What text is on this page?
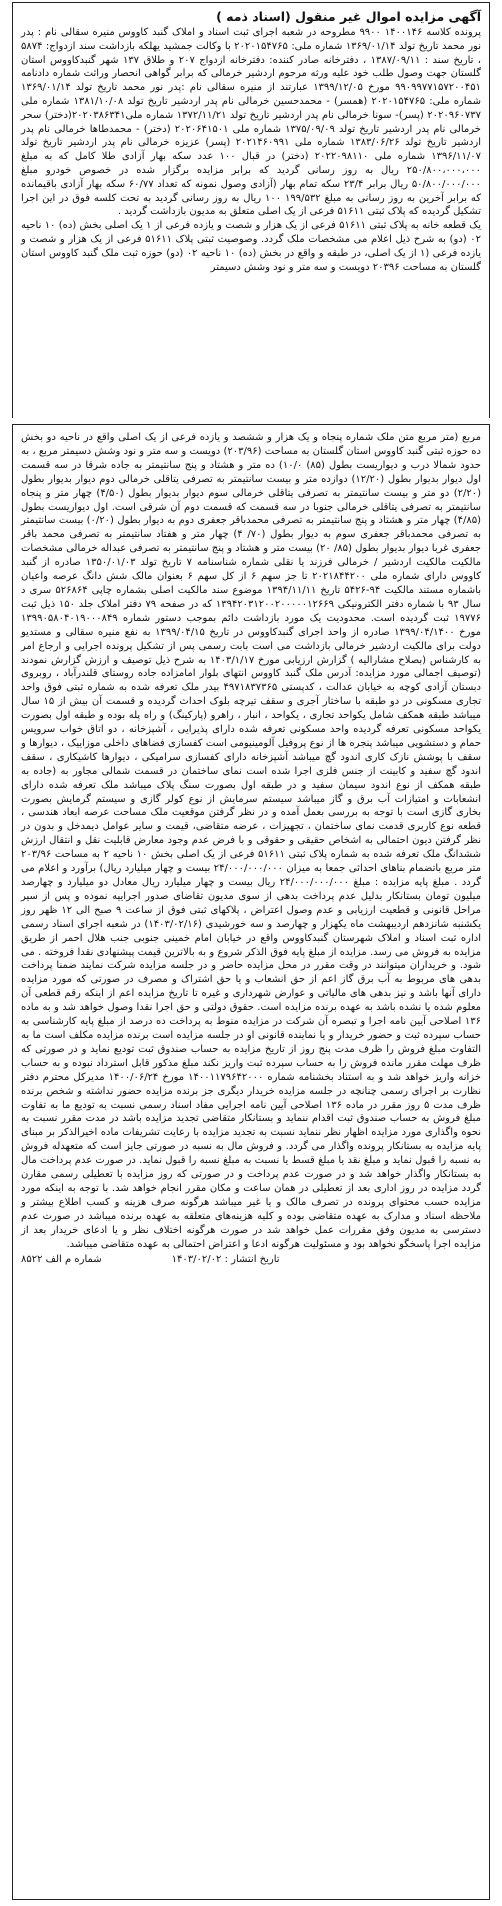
آگهی مزایده اموال غیر منقول (اسناد ذمه )

پرونده کلاسه ۱۴۰۰۱۴۶ ۹۹۰۰ مطروحه در شعبه اجرای ثبت اسناد و املاک گنبد کاووس منیره سقالی نام : پدر نور محمد تاریخ تولد ۱۳۶۹/۰۱/۱۴ شماره ملی: ۲۰۲۰۱۵۴۷۶۵ با وکالت جمشید یهلکه بازداشت سند ازدواج: ۵۸۷۴ ، تاریخ سند : ۱۳۸۷/۰۹/۱۱ ، دفترخانه صادر کننده: دفترخانه ازدواج ۲۰۷ و طلاق ۱۳۷ شهر گنبدکاووس استان گلستان جهت وصول طلب خود علیه ورثه مرحوم اردشیر خرمالی که برابر گواهی انحصار وراثت شماره دادنامه ۹۹۰۹۹۷۷۱۵۷۲۰۰۴۵۱ مورخ ۱۳۹۹/۱۲/۰۵ عبارتند از منیره سقالی نام :پدر نور محمد تاریخ تولد ۱۳۶۹/۰۱/۱۴ شماره ملی: ۲۰۲۰۱۵۴۷۶۵ (همسر) - محمدحسین خرمالی نام پدر اردشیر تاریخ تولد ۱۳۸۱/۱۰/۰۸ شماره ملی ۲۰۲۰۹۶۰۷۳۷ (پسر)- سونا خرمالی نام پدر اردشیر تاریخ تولد ۱۳۷۲/۱۱/۲۱ شماره ملی۲۰۲۰۳۸۶۳۴۱(دختر) سحر خرمالی نام پدر اردشیر تاریخ تولد ۱۳۷۵/۰۹/۰۹ شماره ملی ۲۰۲۰۶۴۱۵۰۱ (دختر) - محمدطاها خرمالی نام پدر اردشیر تاریخ تولد ۱۳۸۳/۰۶/۲۶ شماره ملی ۲۰۲۱۴۶۰۹۹۱ (پسر) عزیزه خرمالی نام پدر اردشیر تاریخ تولد ۱۳۹۶/۱۱/۰۷ شماره ملی ۲۰۲۲۰۹۸۱۱۰ (دختر) در قبال ۱۰۰ عدد سکه بهار آزادی طلا کامل که به مبلغ ۲۵۰/۸۰۰،۰۰۰،۰۰۰ ریال به روز رسانی گردید که برابر مزایده برگزار شده در خصوص خودرو مبلغ ۵۰/۸۰۰/۰۰۰/۰۰۰ ریال برابر ۲۳/۴ سکه تمام بهار (آزادی وصول نمونه که تعداد ۶۰/۷۷ سکه بهار آزادی باقیمانده که برابر آخرین به روز رسانی به مبلغ ۱۹۹/۵۳۲ ۱۰۰ ریال به روز رسانی گردید به تحت کلسه فوق در این اجرا تشکیل گردیده که پلاک ثبتی ۵۱۶۱۱ فرعی از یک اصلی متعلق به مدیون بازداشت گردید .

یک قطعه خانه به پلاک ثبتی ۵۱۶۱۱ فرعی از یک هزار و شصت و یازده فرعی از ۱ یک اصلی بخش (ده) ۱۰ ناحیه ۰۲ (دو) به شرح ذیل اعلام می مشخصات ملک گردد. وصوصیت ثبتی پلاک ۵۱۶۱۱ فرعی از یک هزار و شصت و یازده فرعی (۱ از یک اصلی، در طبقه و واقع در بخش (ده) ۱۰ ناحیه ۰۲ (دو) حوزه ثبت ملک گنبد کاووس استان گلستان به مساحت ۲۰۳۹۶ دویست و سه متر و نود وشش دسیمتر

مربع (متر مربع متن ملک شماره پنجاه و یک هزار و ششصد و یازده فرعی از یک اصلی واقع در ناحیه دو بخش ده حوزه ثبتی گنبد کاووس استان گلستان به مساحت (۲۰۳/۹۶) دویست و سه متر و نود وشش دسیمتر مربع ، به حدود شمالا درب و دیواریست بطول (۸۵) ۱۰/۰) ده متر و هشتاد و پنج سانتیمتر به جاده شرقا در سه قسمت اول دیوار بدیوار بطول (۱۲/۲۰) دوازده متر و بیست سانتیمتر به تصرفی یتاقلی خرمالی دوم دیوار بدیوار بطول (۲/۲۰) دو متر و بیست سانتیمتر به تصرفی یتاقلی خرمالی سوم دیوار بدیوار بطول (۴/۵۰) چهار متر و پنجاه سانتیمتر به تصرفی یتاقلی خرمالی جنوبا در سه قسمت که قسمت دوم آن شرقی است. اول دیواریست بطول (۴/۸۵) چهار متر و هشتاد و پنج سانتیمتر به تصرفی محمدباقر جعفری دوم به دیوار بطول (۰/۲۰) بیست سانتیمتر به تصرفی محمدباقر جعفری سوم به دیوار بطول (۷۰/ ۴) چهار متر و هفتاد سانتیمتر به تصرفی محمد باقر جعفری غربا دیوار بدیوار بطول (۸۵/ ۲۰) بیست متر و هشتاد و پنج سانتیمتر به تصرفی عبداله خرمالی مشخصات مالکیت مالکیت اردشیر / خرمالی فرزند یا نقلی شماره شناسنامه ۷ تاریخ تولد ۱۳۵۰/۰۱/۰۳ صادره از گنبد کاووس دارای شماره ملی ۲۰۲۱۸۴۴۲۰۰ تا جز سهم ۶ از کل سهم ۶ بعنوان مالک شش دانگ عرصه واعیان باشماره مستند مالکیت ۹۴-۵۴۲۶ تاریخ ۱۳۹۴/۱۱/۱۱ موضوع سند مالکیت اصلی بشماره چاپی ۵۲۶۸۶۴ سری د سال ۹۳ با شماره دفتر الکترونیکی ۱۳۹۴۲۰۳۱۲۰۰۲۰۰۰۰۰۱۲۶۶۹ که در صفحه ۷۹ دفتر املاک جلد ۱۵۰ ذیل ثبت ۱۹۷۷۶ ثبت گردیده است. محدودیت یک مورد بازداشت دائم بموجب دستور شماره ۱۳۹۹۰۵۸۰۴۰۱۹۰۰۰۸۴۹ مورخ ۱۳۹۹/۰۴/۱۴۰۰ صادره از واحد اجرای گنبدکاووس در تاریخ ۱۳۹۹/۰۴/۱۵ به نفع منیره سقالی و مستدیو دولت برای مالکیت اردشیر خرمالی بازداشت می است بابت رسمی پس از تشکیل پرونده اجرایی و ارجاع امر به کارشناس (بصلاح مشارالیه ) گزارش ارزیابی مورخ ۱۴۰۳/۱/۱۷ به شرح ذیل توصیف و ارزش گزارش نمودند (توصیف اجمالی مورد مزایده: آدرس ملک گنبد کاووس انتهای بلوار امامزاده جاده روستای قلندرآباد ، روبروی دبستان آزادی کوچه به خیابان عدالت ، کدپستی ۴۹۷۱۸۳۷۳۶۵ بیدر ملک تعرفه شده به شماره ثبتی فوق واحد تجاری مسکونی در دو طبقه با ساختار آجری و سقف تیرچه بلوک احداث گردیده و قسمت آن بیش از ۱۵ سال میباشد طبقه همکف شامل یکواحد تجاری ، یکواحد ، انبار ، راهرو (پارکینگ) و راه پله بوده و طبقه اول بصورت یکواحد مسکونی تعرفه گردیده واحد مسکونی تعرفه شده دارای پذیرایی ، آشپزخانه ، دو اتاق خواب سرویس حمام و دستشویی میباشد پنجره ها از نوع پروفیل آلومینیومی است کفسازی فضاهای داخلی موزاییک ، دیوارها و سقف با پوشش نازک کاری اندود گچ میباشد آشپزخانه دارای کفسازی سرامیکی ، دیوارها کاشیکاری ، سقف اندود گچ سفید و کابینت از جنس فلزی اجرا شده است نمای ساختمان در قسمت شمالی مجاور به (جاده به طبقه همکف از نوع اندود سیمان سفید و در طبقه اول بصورت سنگ پلاک میباشد ملک تعرفه شده دارای انشعابات و امتیازات آب برق و گاز میباشد سیستم سرمایش از نوع کولر گازی و سیستم گرمایش بصورت بخاری گازی است با توجه به بررسی بعمل آمده و در نظر گرفتن موقعیت ملک مساحت عرصه ابعاد هندسی ، قطعه نوع کاربری قدمت نمای ساختمان ، تجهیزات ، عرضه متقاضی، قیمت و سایر عوامل دیمدخل و بدون در نظر گرفتن دیون احتمالی به اشخاص حقیقی و حقوقی و با فرض عدم وجود معارض قابلیت نقل و انتقال ارزش ششدانگ ملک تعرفه شده به شماره پلاک ثبتی ۵۱۶۱۱ فرعی از یک اصلی بخش ۱۰ ناحیه ۲ به مساحت ۲۰۳/۹۶ متر مربع باتضمام بناهای احداثی جمعا به میزان ۲۴/۰۰۰/۰۰۰/۰۰۰ بیست و چهار میلیارد ریال) برآورد و اعلام می گردد . مبلغ پایه مزایده : مبلغ ۲۴/۰۰۰/۰۰۰/۰۰۰ ریال بیست و چهار میلیارد ریال معادل دو میلیارد و چهارصد میلیون تومان بستانکار بدلیل عدم پرداخت بدهی از سوی مدیون تقاضای صدور اجراییه نموده و پس از سیر مراحل قانونی و قطعیت ارزیابی و عدم وصول اعتراض ، پلاکهای ثبتی فوق از ساعت ۹ صبح الی ۱۲ ظهر روز یکشنبه شانزدهم اردیبهشت ماه یکهزار و چهارصد و سه خورشیدی (۱۴۰۳/۰۲/۱۶) در شعبه اجرای اسناد رسمی اداره ثبت اسناد و املاک شهرستان گنبدکاووس واقع در خیابان امام خمینی جنوبی جنب هلال احمر از طریق مزایده به فروش می رسد. مزایده از مبلغ پایه فوق الذکر شروع و به بالاترین قیمت پیشنهادی نقدا فروخته . می شود. و خریداران میتوانند در وقت مقرر در محل مزایده حاضر و در جلسه مزایده شرکت نمایند ضمنا پرداخت بدهی های مربوط به آب برق گاز اعم از حق انشعاب و یا حق اشتراک و مصرف در صورتی که مورد مزایده دارای آنها باشد و نیز بدهی های مالیاتی و عوارض شهرداری و غیره تا تاریخ مزایده اعم از اینکه رقم قطعی آن معلوم شده یا نشده باشد به عهده برنده مزایده است. حقوق دولتی و حق اجرا نقدا وصول خواهد شد و به ماده ۱۳۶ اصلاحی آیین نامه اجرا و تبصره آن شرکت در مزایده منوط به پرداخت ده درصد از مبلغ پایه کارشناسی به حساب سپرده ثبت و حضور خریدار و یا نماینده قانونی او در جلسه مزایده است برنده مزایده مکلف است ما به التفاوت مبلغ فروش را ظرف مدت پنج روز از تاریخ مزایده به حساب صندوق ثبت تودیع نماید و در صورتی که ظرف مهلت مقرر مانده فروش را به حساب سپرده ثبت واریز نکند مبلغ مذکور قابل استرداد نبوده و به حساب خزانه واریز خواهد شد و به استناد بخشنامه شماره ۱۴۰۰۱۱۷۹۶۴۲۰۰۰ مورخ ۱۴۰۰/۰۶/۲۴ مدیرکل محترم دفتر نظارت بر اجرای رسمی چنانچه در جلسه مزایده خریدار دیگری جز برنده مزایده حضور نداشته و شخص برنده ظرف مدت ۵ روز مقرر در ماده ۱۳۶ اصلاحی آیین نامه اجرایی مفاد اسناد رسمی نسبت به تودیع ما به تفاوت مبلغ فروش به حساب صندوق ثبت اقدام ننماید و بستانکار متقاضی تجدید مزایده باشد در مدت مقرر نسبت به نحوه واگذاری مورد مزایده اظهار نظر ننماید نسبت به تجدید مزایده با رعایت تشریفات ماده اخیرالذکر بر مبنای پایه مزایده به بستانکار پرونده واگذار می گردد. و فروش مال به نسبه در صورتی جایز است که متعهدله فروش به نسبه را قبول نماید و مبلغ نقد یا مبلغ قسط یا نسبت به مبلغ نسبه را قبول نماید. در صورت عدم پرداخت مال به بستانکار واگذار خواهد شد و در صورت عدم پرداخت و در صورتی که روز مزایده با تعطیلی رسمی مقارن گردد مزایده در روز اداری بعد از تعطیلی در همان ساعت و مکان مقرر انجام خواهد شد. با توجه به اینکه مورد مزایده حسب محتوای پرونده در تصرف مالک و یا غیر میباشد هرگونه صرف هزینه و کسب اطلاع بیشتر و ملاحظه اسناد و مدارک به عهده متقاضی بوده و کلیه هزینه‌های متعلقه به عهده برنده میباشد در صورت عدم دسترسی به مدیون وفق مقررات عمل خواهد شد در صورت هرگونه اختلاف نظر و یا ادعای خریدار بعد از مزایده اجرا پاسخگو نخواهد بود و مسئولیت هرگونه ادعا و اعتراض احتمالی به عهده متقاضی میباشد.

تاریخ انتشار : ۱۴۰۳/۰۲/۰۲
شماره م الف ۸۵۲۲
